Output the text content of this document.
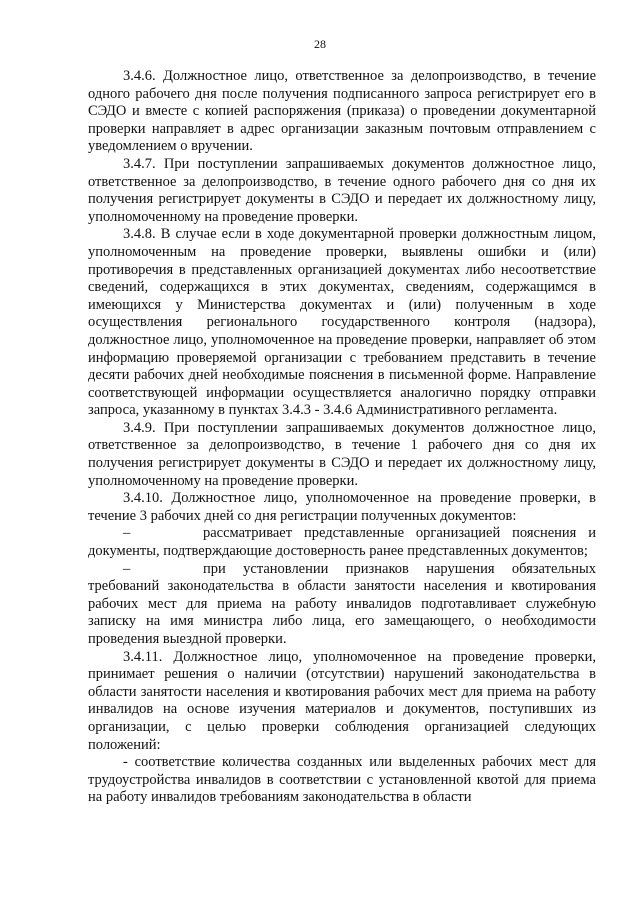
28

3.4.6. Должностное лицо, ответственное за делопроизводство, в течение одного рабочего дня после получения подписанного запроса регистрирует его в СЭДО и вместе с копией распоряжения (приказа) о проведении документарной проверки направляет в адрес организации заказным почтовым отправлением с уведомлением о вручении.

3.4.7. При поступлении запрашиваемых документов должностное лицо, ответственное за делопроизводство, в течение одного рабочего дня со дня их получения регистрирует документы в СЭДО и передает их должностному лицу, уполномоченному на проведение проверки.

3.4.8. В случае если в ходе документарной проверки должностным лицом, уполномоченным на проведение проверки, выявлены ошибки и (или) противоречия в представленных организацией документах либо несоответствие сведений, содержащихся в этих документах, сведениям, содержащимся в имеющихся у Министерства документах и (или) полученным в ходе осуществления регионального государственного контроля (надзора), должностное лицо, уполномоченное на проведение проверки, направляет об этом информацию проверяемой организации с требованием представить в течение десяти рабочих дней необходимые пояснения в письменной форме. Направление соответствующей информации осуществляется аналогично порядку отправки запроса, указанному в пунктах 3.4.3 - 3.4.6 Административного регламента.

3.4.9. При поступлении запрашиваемых документов должностное лицо, ответственное за делопроизводство, в течение 1 рабочего дня со дня их получения регистрирует документы в СЭДО и передает их должностному лицу, уполномоченному на проведение проверки.

3.4.10. Должностное лицо, уполномоченное на проведение проверки, в течение 3 рабочих дней со дня регистрации полученных документов:

–	рассматривает представленные организацией пояснения и документы, подтверждающие достоверность ранее представленных документов;

–	при установлении признаков нарушения обязательных требований законодательства в области занятости населения и квотирования рабочих мест для приема на работу инвалидов подготавливает служебную записку на имя министра либо лица, его замещающего, о необходимости проведения выездной проверки.

3.4.11. Должностное лицо, уполномоченное на проведение проверки, принимает решения о наличии (отсутствии) нарушений законодательства в области занятости населения и квотирования рабочих мест для приема на работу инвалидов на основе изучения материалов и документов, поступивших из организации, с целью проверки соблюдения организацией следующих положений:

- соответствие количества созданных или выделенных рабочих мест для трудоустройства инвалидов в соответствии с установленной квотой для приема на работу инвалидов требованиям законодательства в области
